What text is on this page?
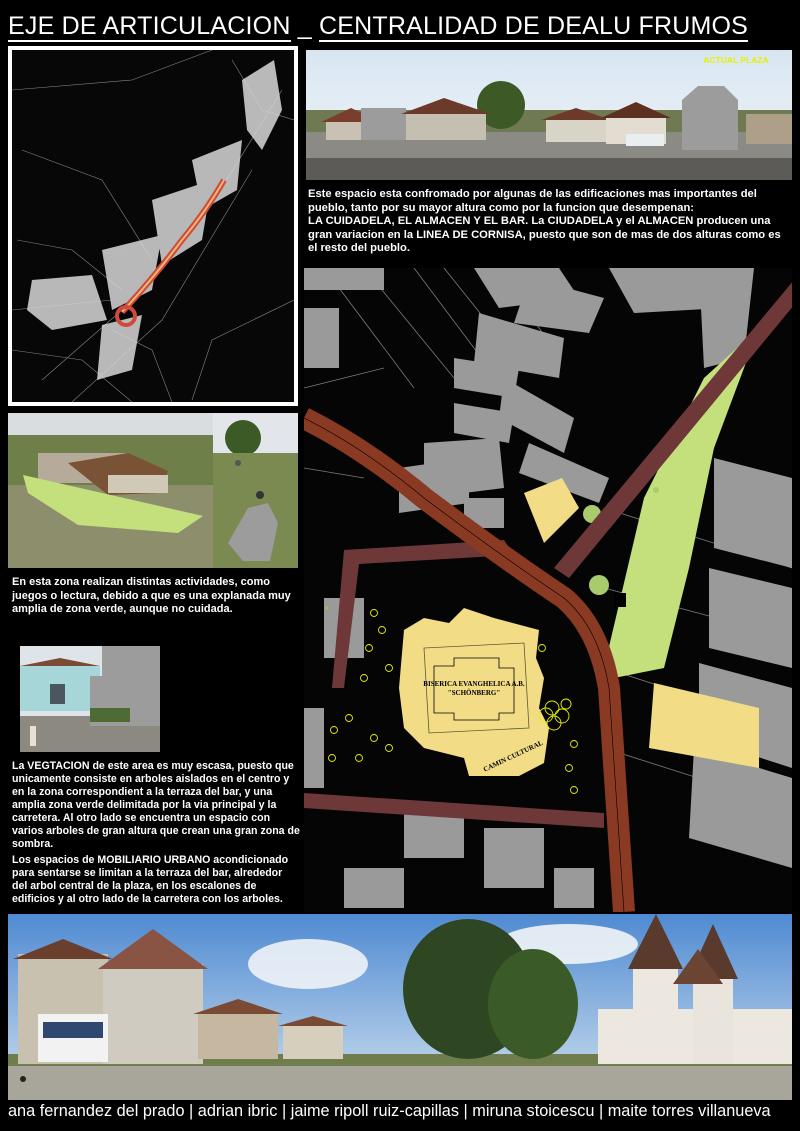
EJE DE ARTICULACION _ CENTRALIDAD DE DEALU FRUMOS
ACTUAL PLAZA
Este espacio esta confromado por algunas de las edificaciones mas importantes del pueblo, tanto por su mayor altura como por la funcion que desempenan:
LA CUIDADELA, EL ALMACEN Y EL BAR. La CIUDADELA y el ALMACEN producen una gran variacion en la LINEA DE CORNISA, puesto que son de mas de dos alturas como es el resto del pueblo.
BISERICA EVANGHELICA A.B.
"SCHÖNBERG"
CAMIN CULTURAL
En esta zona realizan distintas actividades, como juegos o lectura, debido a que es una explanada muy amplia de zona verde, aunque no cuidada.
La VEGTACION de este area es muy escasa, puesto que unicamente consiste en arboles aislados en el centro y en la zona correspondient a la terraza del bar, y una amplia zona verde delimitada por la via principal y la carretera. Al otro lado se encuentra un espacio con varios arboles de gran altura que crean una gran zona de sombra.
Los espacios de MOBILIARIO URBANO acondicionado para sentarse se limitan a la terraza del bar, alrededor del arbol central de la plaza, en los escalones de edificios y al otro lado de la carretera con los arboles.
ana fernandez del prado | adrian ibric | jaime ripoll ruiz-capillas | miruna stoicescu | maite torres villanueva
